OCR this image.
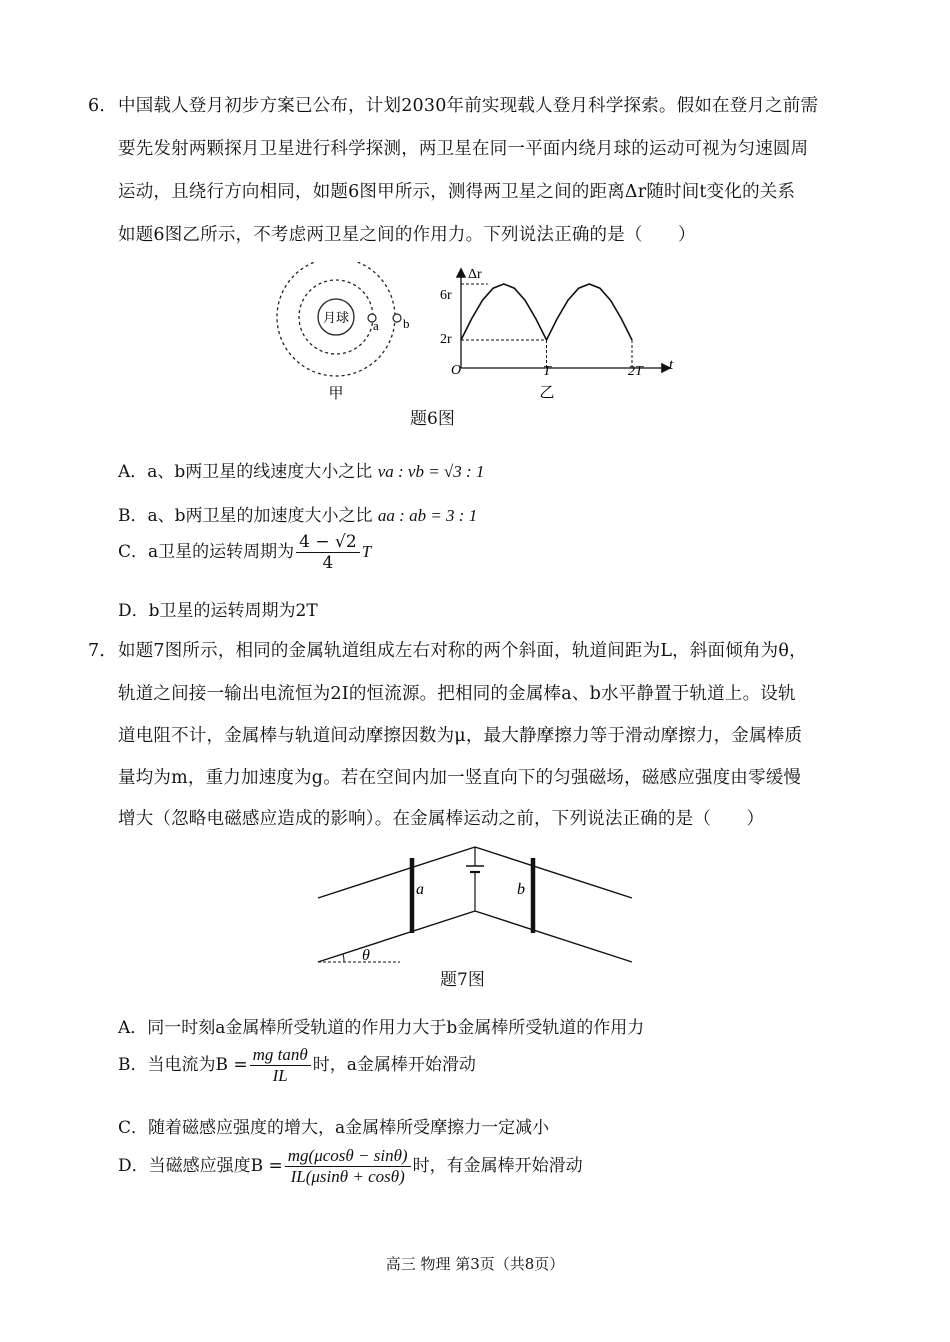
6．中国载人登月初步方案已公布，计划2030年前实现载人登月科学探索。假如在登月之前需
要先发射两颗探月卫星进行科学探测，两卫星在同一平面内绕月球的运动可视为匀速圆周
运动，且绕行方向相同，如题6图甲所示，测得两卫星之间的距离Δr随时间t变化的关系
如题6图乙所示，不考虑两卫星之间的作用力。下列说法正确的是（　　）
月球
a b
甲
Δr
t
O
6r
2r
T	2T
乙
题6图
A．a、b两卫星的线速度大小之比 va : vb = √3 : 1
B．a、b两卫星的加速度大小之比 aa : ab = 3 : 1
C．a卫星的运转周期为 $\frac{4 - √2}{4}$ T
D．b卫星的运转周期为2T
7．如题7图所示，相同的金属轨道组成左右对称的两个斜面，轨道间距为L，斜面倾角为θ，
轨道之间接一输出电流恒为2I的恒流源。把相同的金属棒a、b水平静置于轨道上。设轨
道电阻不计，金属棒与轨道间动摩擦因数为μ，最大静摩擦力等于滑动摩擦力，金属棒质
量均为m，重力加速度为g。若在空间内加一竖直向下的匀强磁场，磁感应强度由零缓慢
增大（忽略电磁感应造成的影响）。在金属棒运动之前，下列说法正确的是（　　）
a	b
θ
题7图
A．同一时刻a金属棒所受轨道的作用力大于b金属棒所受轨道的作用力
B．当电流为$B = \frac{\text{mg tanθ}}{IL}$ 时，a金属棒开始滑动
C．随着磁感应强度的增大，a金属棒所受摩擦力一定减小
D．当磁感应强度$B = \frac{mg(\mu\cos\theta - \sin\theta)}{IL(\mu\sin\theta + \cos\theta)}$ 时，有金属棒开始滑动
高三 物理 第3页（共8页）
